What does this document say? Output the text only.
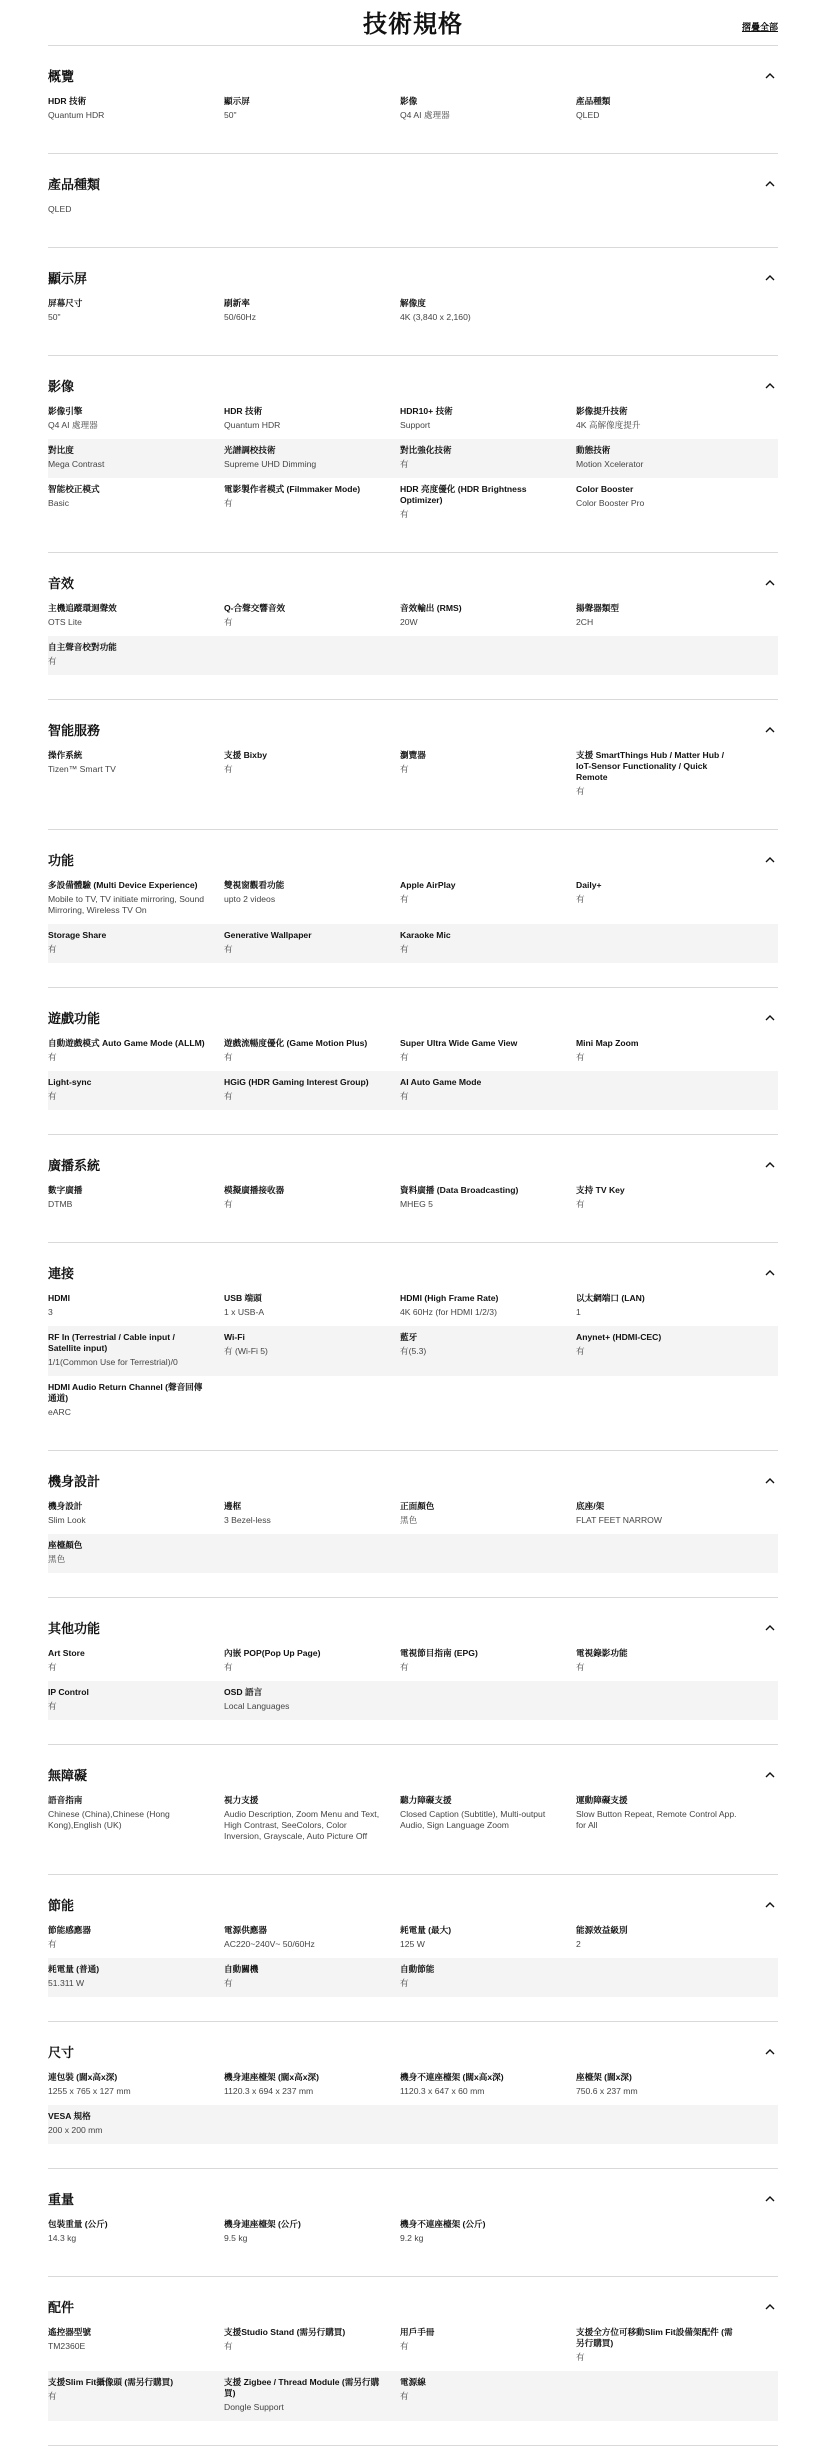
技術規格	摺疊全部
概覽
HDR 技術
Quantum HDR
顯示屏
50"
影像
Q4 AI 處理器
產品種類
QLED
產品種類
QLED
顯示屏
屏幕尺寸
50"
刷新率
50/60Hz
解像度
4K (3,840 x 2,160)
影像
影像引擎
Q4 AI 處理器
HDR 技術
Quantum HDR
HDR10+ 技術
Support
影像提升技術
4K 高解像度提升
對比度
Mega Contrast
光譜調校技術
Supreme UHD Dimming
對比強化技術
有
動態技術
Motion Xcelerator
智能校正模式
Basic
電影製作者模式 (Filmmaker Mode)
有
HDR 亮度優化 (HDR Brightness Optimizer)
有
Color Booster
Color Booster Pro
音效
主機追蹤環迴聲效
OTS Lite
Q-合聲交響音效
有
音效輸出 (RMS)
20W
揚聲器類型
2CH
自主聲音校對功能
有
智能服務
操作系統
Tizen™ Smart TV
支援 Bixby
有
瀏覽器
有
支援 SmartThings Hub / Matter Hub / IoT-Sensor Functionality / Quick Remote
有
功能
多設備體驗 (Multi Device Experience)
Mobile to TV, TV initiate mirroring, Sound Mirroring, Wireless TV On
雙視窗觀看功能
upto 2 videos
Apple AirPlay
有
Daily+
有
Storage Share
有
Generative Wallpaper
有
Karaoke Mic
有
遊戲功能
自動遊戲模式 Auto Game Mode (ALLM)
有
遊戲流暢度優化 (Game Motion Plus)
有
Super Ultra Wide Game View
有
Mini Map Zoom
有
Light-sync
有
HGiG (HDR Gaming Interest Group)
有
AI Auto Game Mode
有
廣播系統
數字廣播
DTMB
模擬廣播接收器
有
資料廣播 (Data Broadcasting)
MHEG 5
支持 TV Key
有
連接
HDMI
3
USB 端頭
1 x USB-A
HDMI (High Frame Rate)
4K 60Hz (for HDMI 1/2/3)
以太網端口 (LAN)
1
RF In (Terrestrial / Cable input / Satellite input)
1/1(Common Use for Terrestrial)/0
Wi-Fi
有 (Wi-Fi 5)
藍牙
有(5.3)
Anynet+ (HDMI-CEC)
有
HDMI Audio Return Channel (聲音回傳通道)
eARC
機身設計
機身設計
Slim Look
邊框
3 Bezel-less
正面顏色
黑色
底座/架
FLAT FEET NARROW
座檯顏色
黑色
其他功能
Art Store
有
內嵌 POP(Pop Up Page)
有
電視節目指南 (EPG)
有
電視錄影功能
有
IP Control
有
OSD 語言
Local Languages
無障礙
語音指南
Chinese (China),Chinese (Hong Kong),English (UK)
視力支援
Audio Description, Zoom Menu and Text, High Contrast, SeeColors, Color Inversion, Grayscale, Auto Picture Off
聽力障礙支援
Closed Caption (Subtitle), Multi-output Audio, Sign Language Zoom
運動障礙支援
Slow Button Repeat, Remote Control App. for All
節能
節能感應器
有
電源供應器
AC220~240V~ 50/60Hz
耗電量 (最大)
125 W
能源效益級別
2
耗電量 (普通)
51.311 W
自動關機
有
自動節能
有
尺寸
連包裝 (闊x高x深)
1255 x 765 x 127 mm
機身連座檯架 (闊x高x深)
1120.3 x 694 x 237 mm
機身不連座檯架 (闊x高x深)
1120.3 x 647 x 60 mm
座檯架 (闊x深)
750.6 x 237 mm
VESA 規格
200 x 200 mm
重量
包裝重量 (公斤)
14.3 kg
機身連座檯架 (公斤)
9.5 kg
機身不連座檯架 (公斤)
9.2 kg
配件
遙控器型號
TM2360E
支援Studio Stand (需另行購買)
有
用戶手冊
有
支援全方位可移動Slim Fit設備架配件 (需另行購買)
有
支援Slim Fit攝像頭 (需另行購買)
有
支援 Zigbee / Thread Module (需另行購買)
Dongle Support
電源線
有
